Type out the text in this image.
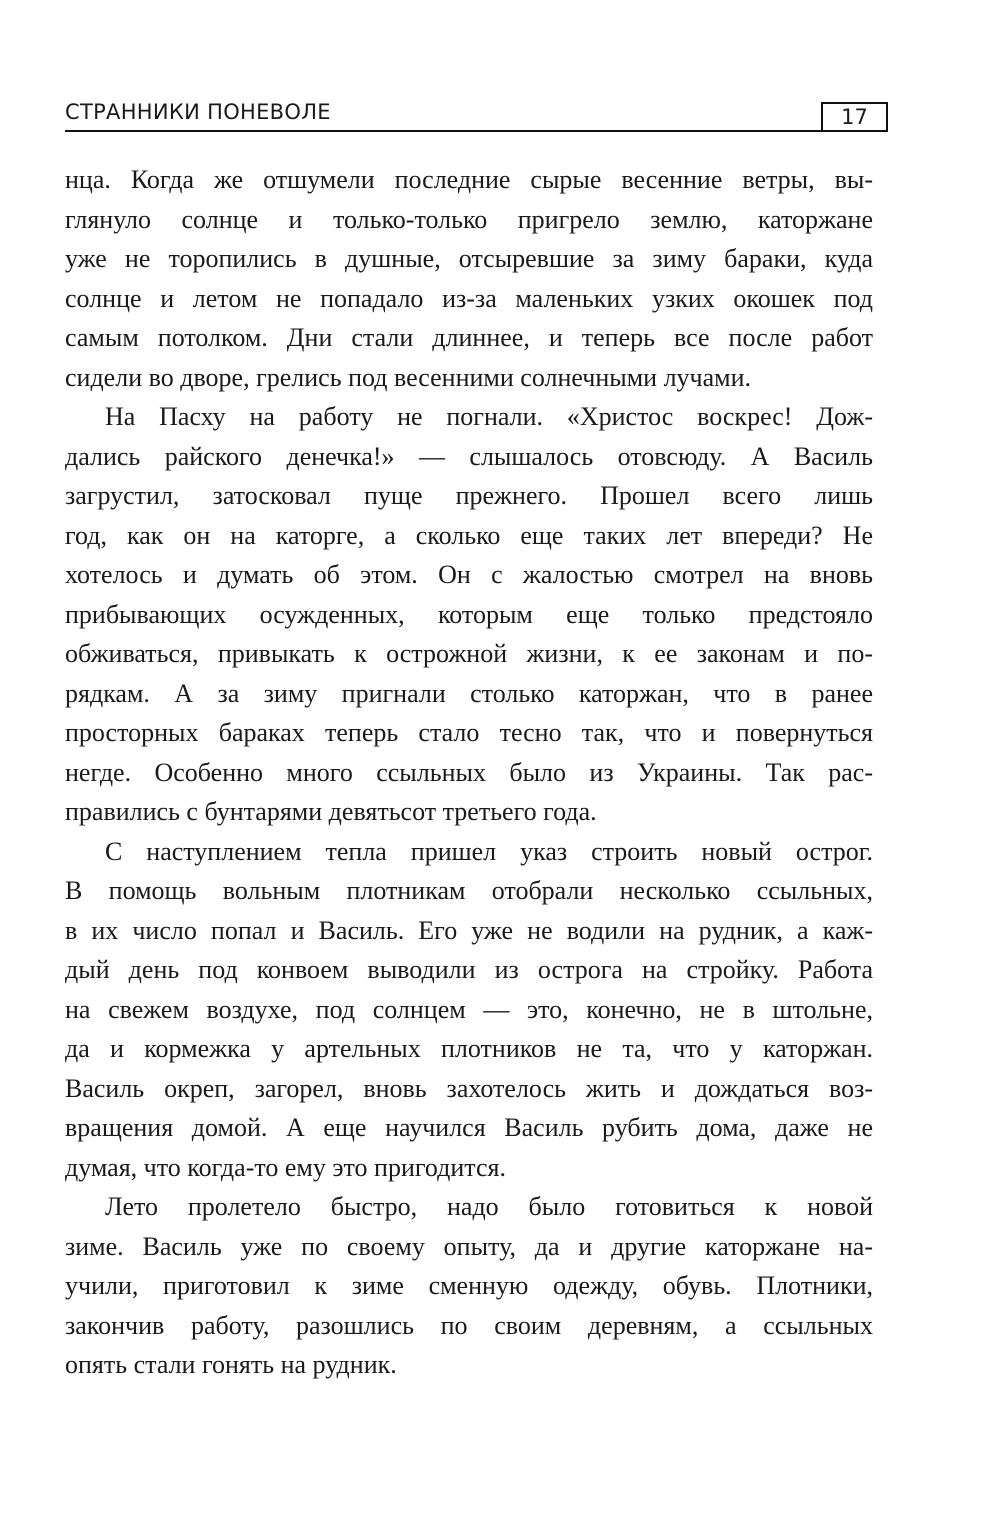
СТРАННИКИ ПОНЕВОЛЕ	17

нца. Когда же отшумели последние сырые весенние ветры, вы-
глянуло солнце и только-только пригрело землю, каторжане
уже не торопились в душные, отсыревшие за зиму бараки, куда
солнце и летом не попадало из-за маленьких узких окошек под
самым потолком. Дни стали длиннее, и теперь все после работ
сидели во дворе, грелись под весенними солнечными лучами.

На Пасху на работу не погнали. «Христос воскрес! Дож-
дались райского денечка!» — слышалось отовсюду. А Василь
загрустил, затосковал пуще прежнего. Прошел всего лишь
год, как он на каторге, а сколько еще таких лет впереди? Не
хотелось и думать об этом. Он с жалостью смотрел на вновь
прибывающих осужденных, которым еще только предстояло
обживаться, привыкать к острожной жизни, к ее законам и по-
рядкам. А за зиму пригнали столько каторжан, что в ранее
просторных бараках теперь стало тесно так, что и повернуться
негде. Особенно много ссыльных было из Украины. Так рас-
правились с бунтарями девятьсот третьего года.

С наступлением тепла пришел указ строить новый острог.
В помощь вольным плотникам отобрали несколько ссыльных,
в их число попал и Василь. Его уже не водили на рудник, а каж-
дый день под конвоем выводили из острога на стройку. Работа
на свежем воздухе, под солнцем — это, конечно, не в штольне,
да и кормежка у артельных плотников не та, что у каторжан.
Василь окреп, загорел, вновь захотелось жить и дождаться воз-
вращения домой. А еще научился Василь рубить дома, даже не
думая, что когда-то ему это пригодится.

Лето пролетело быстро, надо было готовиться к новой
зиме. Василь уже по своему опыту, да и другие каторжане на-
учили, приготовил к зиме сменную одежду, обувь. Плотники,
закончив работу, разошлись по своим деревням, а ссыльных
опять стали гонять на рудник.
